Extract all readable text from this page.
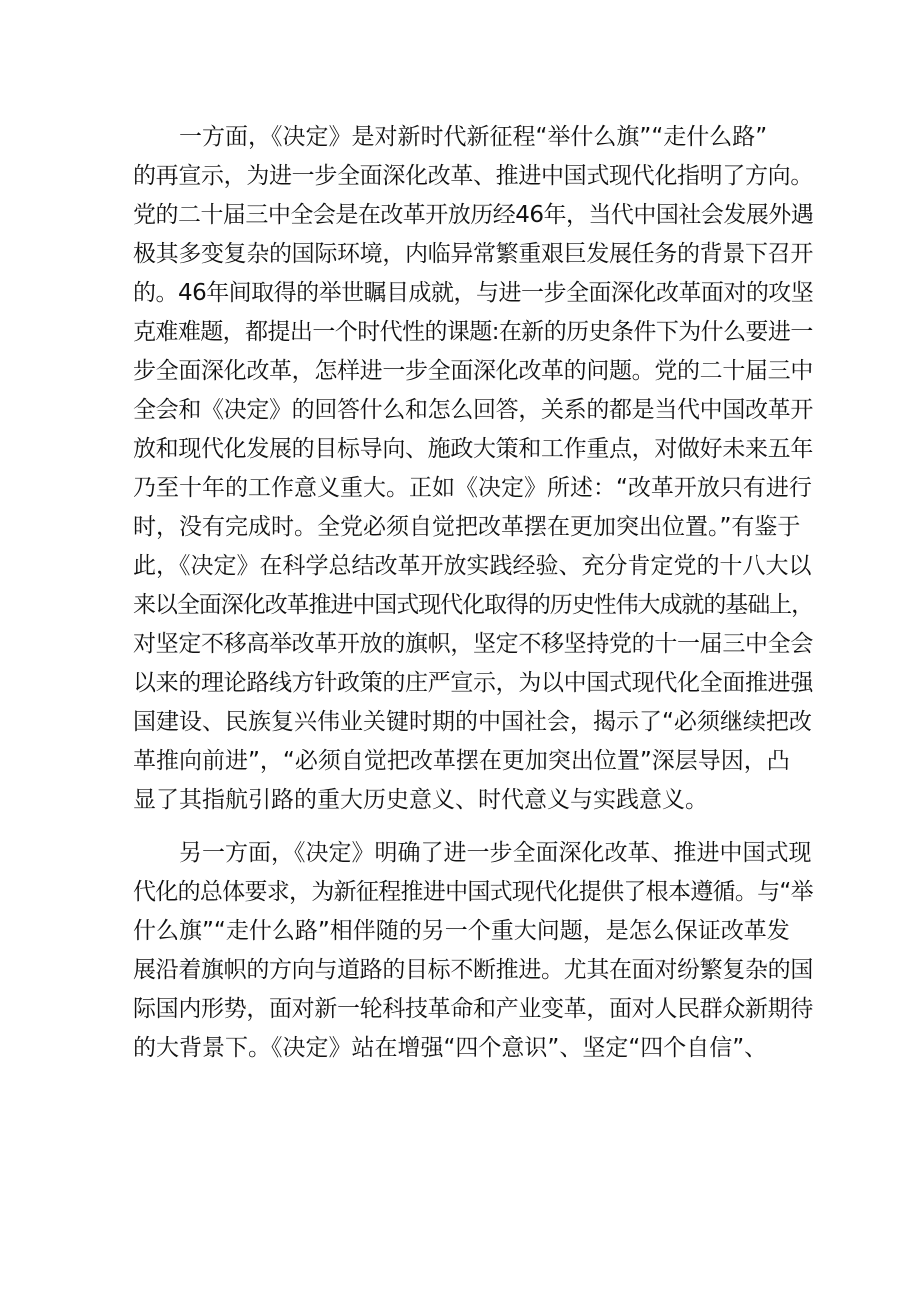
　　一方面，《决定》是对新时代新征程“举什么旗”“走什么路”
的再宣示，为进一步全面深化改革、推进中国式现代化指明了方向。
党的二十届三中全会是在改革开放历经46年，当代中国社会发展外遇
极其多变复杂的国际环境，内临异常繁重艰巨发展任务的背景下召开
的。46年间取得的举世瞩目成就，与进一步全面深化改革面对的攻坚
克难难题，都提出一个时代性的课题:在新的历史条件下为什么要进一
步全面深化改革，怎样进一步全面深化改革的问题。党的二十届三中
全会和《决定》的回答什么和怎么回答，关系的都是当代中国改革开
放和现代化发展的目标导向、施政大策和工作重点，对做好未来五年
乃至十年的工作意义重大。正如《决定》所述：“改革开放只有进行
时，没有完成时。全党必须自觉把改革摆在更加突出位置。”有鉴于
此，《决定》在科学总结改革开放实践经验、充分肯定党的十八大以
来以全面深化改革推进中国式现代化取得的历史性伟大成就的基础上，
对坚定不移高举改革开放的旗帜，坚定不移坚持党的十一届三中全会
以来的理论路线方针政策的庄严宣示，为以中国式现代化全面推进强
国建设、民族复兴伟业关键时期的中国社会，揭示了“必须继续把改
革推向前进”，“必须自觉把改革摆在更加突出位置”深层导因，凸
显了其指航引路的重大历史意义、时代意义与实践意义。
　　另一方面，《决定》明确了进一步全面深化改革、推进中国式现
代化的总体要求，为新征程推进中国式现代化提供了根本遵循。与“举
什么旗”“走什么路”相伴随的另一个重大问题，是怎么保证改革发
展沿着旗帜的方向与道路的目标不断推进。尤其在面对纷繁复杂的国
际国内形势，面对新一轮科技革命和产业变革，面对人民群众新期待
的大背景下。《决定》站在增强“四个意识”、坚定“四个自信”、
